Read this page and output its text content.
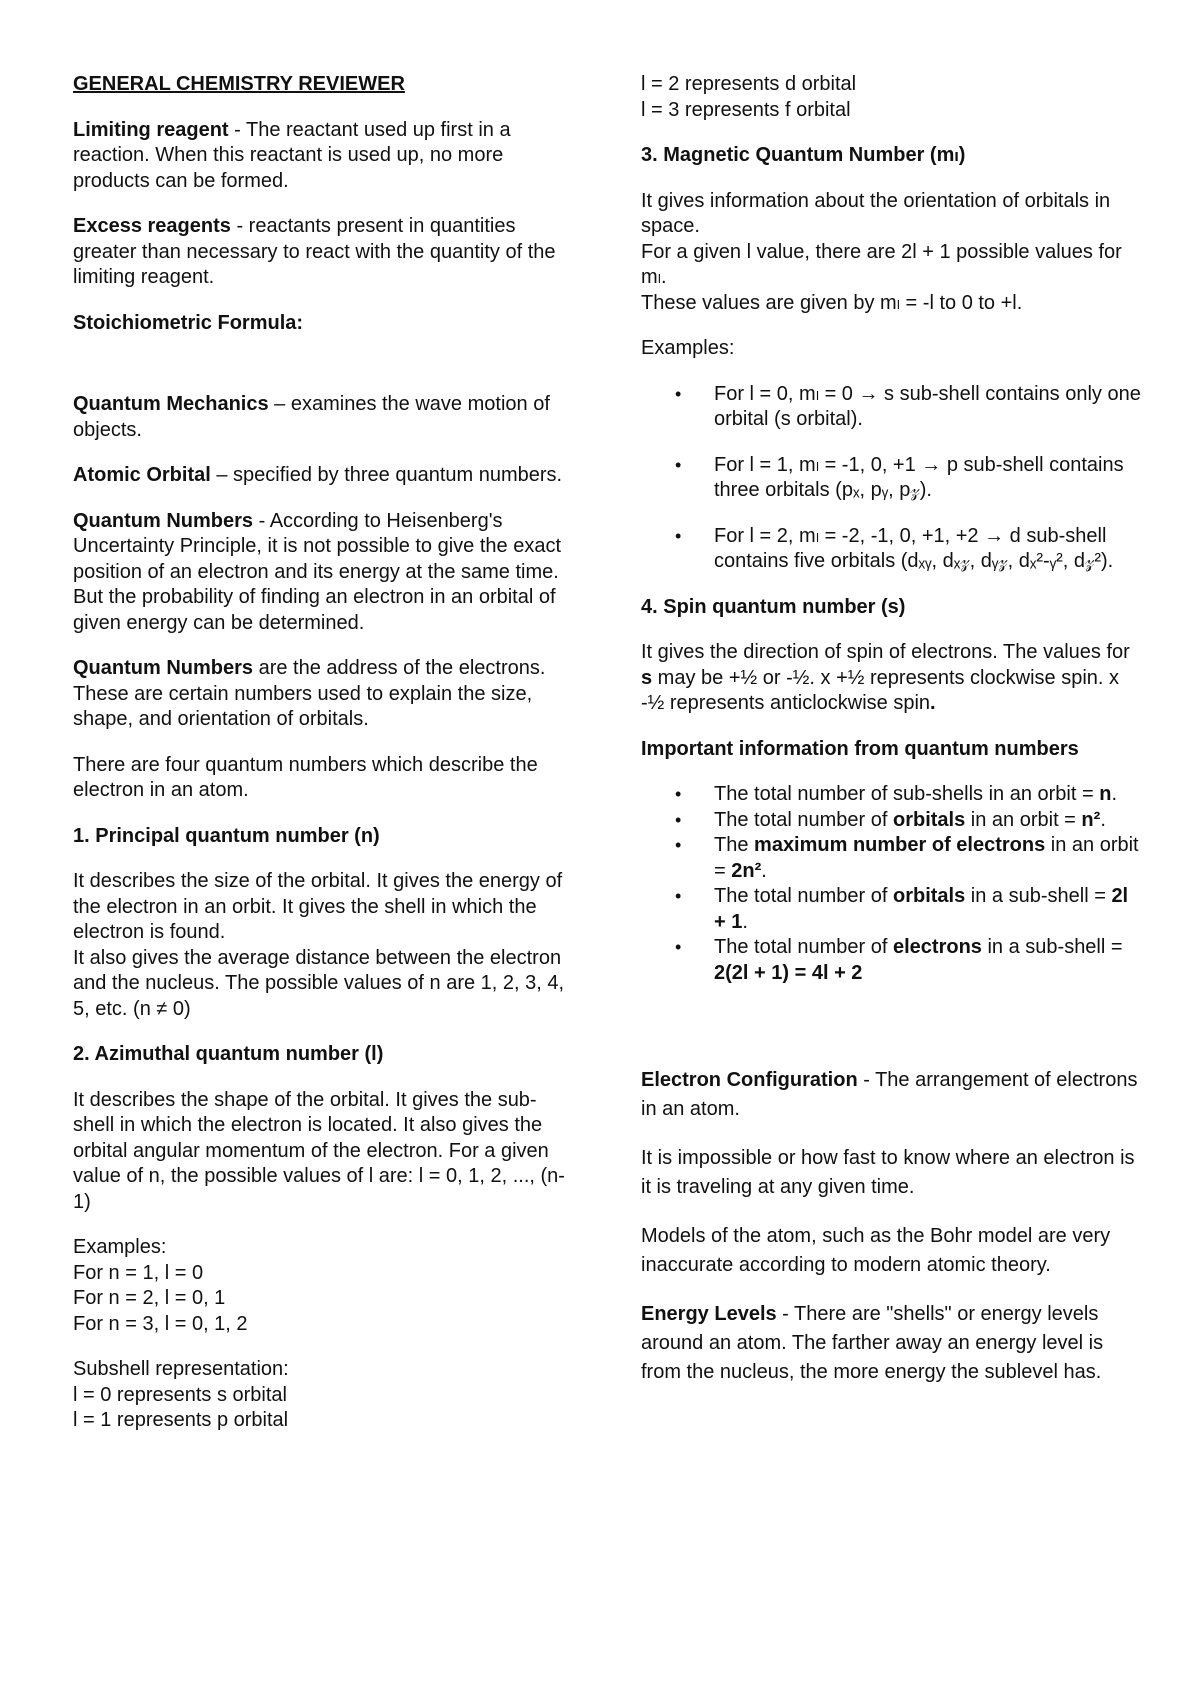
GENERAL CHEMISTRY REVIEWER

Limiting reagent - The reactant used up first in a reaction. When this reactant is used up, no more products can be formed.

Excess reagents - reactants present in quantities greater than necessary to react with the quantity of the limiting reagent.

Stoichiometric Formula:

Quantum Mechanics – examines the wave motion of objects.

Atomic Orbital – specified by three quantum numbers.

Quantum Numbers - According to Heisenberg's Uncertainty Principle, it is not possible to give the exact position of an electron and its energy at the same time. But the probability of finding an electron in an orbital of given energy can be determined.

Quantum Numbers are the address of the electrons. These are certain numbers used to explain the size, shape, and orientation of orbitals.

There are four quantum numbers which describe the electron in an atom.

1. Principal quantum number (n)

It describes the size of the orbital. It gives the energy of the electron in an orbit. It gives the shell in which the electron is found.

It also gives the average distance between the electron and the nucleus. The possible values of n are 1, 2, 3, 4, 5, etc. (n ≠ 0)

2. Azimuthal quantum number (l)

It describes the shape of the orbital. It gives the sub-shell in which the electron is located. It also gives the orbital angular momentum of the electron. For a given value of n, the possible values of l are: l = 0, 1, 2, ..., (n-1)

Examples:

For n = 1, l = 0

For n = 2, l = 0, 1

For n = 3, l = 0, 1, 2

Subshell representation:

l = 0 represents s orbital

l = 1 represents p orbital

l = 2 represents d orbital

l = 3 represents f orbital

3. Magnetic Quantum Number (mₗ)

It gives information about the orientation of orbitals in space.

For a given l value, there are 2l + 1 possible values for mₗ.

These values are given by mₗ = -l to 0 to +l.

Examples:

• For l = 0, mₗ = 0 → s sub-shell contains only one orbital (s orbital).
• For l = 1, mₗ = -1, 0, +1 → p sub-shell contains three orbitals (pₓ, pᵧ, p𝓏).
• For l = 2, mₗ = -2, -1, 0, +1, +2 → d sub-shell contains five orbitals (dₓᵧ, dₓ𝓏, dᵧ𝓏, dₓ²-ᵧ², d𝓏²).

4. Spin quantum number (s)

It gives the direction of spin of electrons. The values for s may be +½ or -½. x +½ represents clockwise spin. x -½ represents anticlockwise spin.

Important information from quantum numbers

• The total number of sub-shells in an orbit = n.
• The total number of orbitals in an orbit = n².
• The maximum number of electrons in an orbit = 2n².
• The total number of orbitals in a sub-shell = 2l + 1.
• The total number of electrons in a sub-shell = 2(2l + 1) = 4l + 2

Electron Configuration - The arrangement of electrons in an atom.

It is impossible or how fast to know where an electron is it is traveling at any given time.

Models of the atom, such as the Bohr model are very inaccurate according to modern atomic theory.

Energy Levels - There are "shells" or energy levels around an atom. The farther away an energy level is from the nucleus, the more energy the sublevel has.
